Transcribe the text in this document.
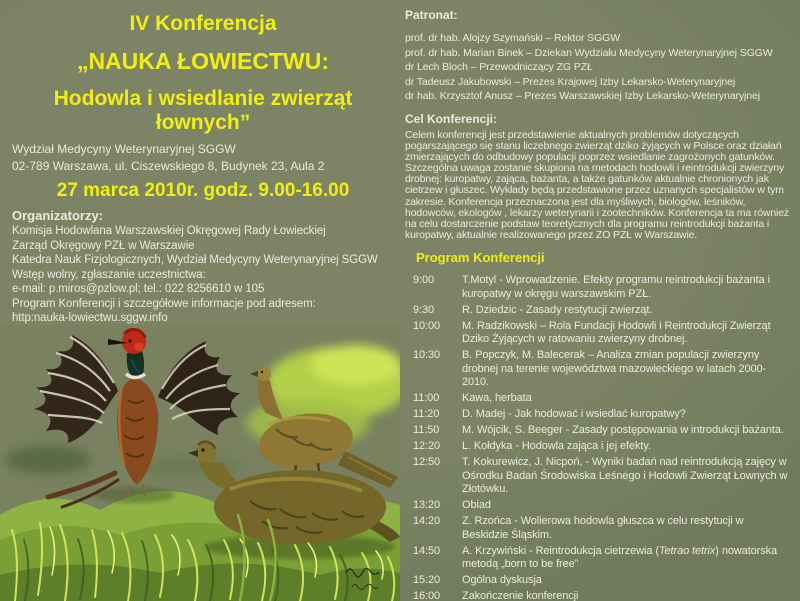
IV Konferencja
„NAUKA ŁOWIECTWU:
Hodowla i wsiedlanie zwierząt
łownych”
Wydział Medycyny Weterynaryjnej SGGW
02-789 Warszawa, ul. Ciszewskiego 8, Budynek 23, Aula 2
27 marca 2010r. godz. 9.00-16.00
Organizatorzy:
Komisja Hodowlana Warszawskiej Okręgowej Rady Łowieckiej
Zarząd Okręgowy PZŁ w Warszawie
Katedra Nauk Fizjologicznych, Wydział Medycyny Weterynaryjnej SGGW
Wstęp wolny, zgłaszanie uczestnictwa:
e-mail: p.miros@pzlow.pl; tel.: 022 8256610 w 105
Program Konferencji i szczegółowe informacje pod adresem:
http:nauka-lowiectwu.sggw.info
Patronat:
prof. dr hab. Alojzy Szymański – Rektor SGGW
prof. dr hab. Marian Binek – Dziekan Wydziału Medycyny Weterynaryjnej SGGW
dr Lech Bloch – Przewodniczący ZG PZŁ
dr Tadeusz Jakubowski – Prezes Krajowej Izby Lekarsko-Weterynaryjnej
dr hab. Krzysztof Anusz – Prezes Warszawskiej Izby Lekarsko-Weterynaryjnej
Cel Konferencji:
Celem konferencji jest przedstawienie aktualnych problemów dotyczących pogarszającego się stanu liczebnego zwierząt dziko żyjących w Polsce oraz działań zmierzających do odbudowy populacji poprzez wsiedlanie zagrożonych gatunków. Szczególna uwaga zostanie skupiona na metodach hodowli i reintrodukcji zwierzyny drobnej: kuropatwy, zająca, bażanta, a także gatunków aktualnie chronionych jak cietrzew i głuszec. Wykłady będą przedstawione przez uznanych specjalistów w tym zakresie. Konferencja przeznaczona jest dla myśliwych, biologów, leśników, hodowców, ekologów , lekarzy weterynarii i zootechników. Konferencja ta ma również na celu dostarczenie podstaw teoretycznych dla programu reintrodukcji bażanta i kuropatwy, aktualnie realizowanego przez ZO PZŁ w Warszawie.
Program Konferencji
9:00	T.Motyl - Wprowadzenie. Efekty programu reintrodukcji bażanta i kuropatwy w okręgu warszawskim PZŁ.
9:30	R. Dziedzic - Zasady restytucji zwierząt.
10:00	M. Radzikowski – Rola Fundacji Hodowli i Reintrodukcji Zwierząt Dziko Żyjących w ratowaniu zwierzyny drobnej.
10:30	B. Popczyk, M. Balecerak – Analiza zmian populacji zwierzyny drobnej na terenie województwa mazowieckiego w latach 2000-2010.
11:00	Kawa, herbata
11:20	D. Madej - Jak hodować i wsiedlać kuropatwy?
11:50	M. Wójcik, S. Beeger - Zasady postępowania w introdukcji bażanta.
12:20	L. Kołdyka - Hodowla zająca i jej efekty.
12:50	T. Kokurewicz, J. Nicpoń, - Wyniki badań nad reintrodukcją zajęcy w Ośrodku Badań Środowiska Leśnego i Hodowli Zwierząt Łownych w Złotówku.
13:20	Obiad
14:20	Z. Rzońca - Wolierowa hodowla głuszca w celu restytucji w Beskidzie Śląskim.
14:50	A. Krzywiński - Reintrodukcja cietrzewia (Tetrao tetrix) nowatorska metodą „born to be free”
15:20	Ogólna dyskusja
16:00	Zakończenie konferencji
